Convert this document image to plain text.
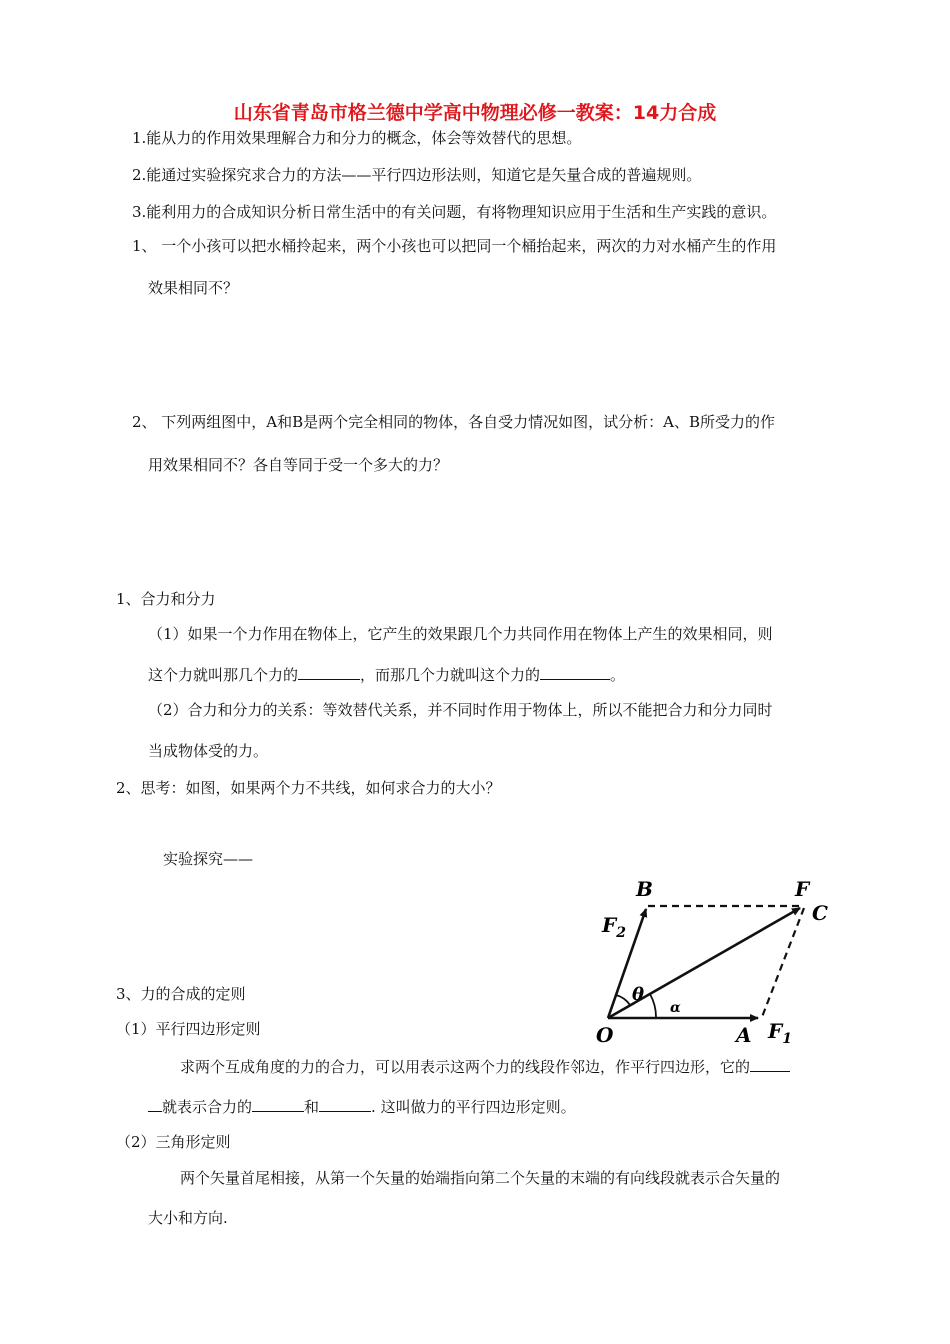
山东省青岛市格兰德中学高中物理必修一教案：14力合成
1.能从力的作用效果理解合力和分力的概念，体会等效替代的思想。
2.能通过实验探究求合力的方法——平行四边形法则，知道它是矢量合成的普遍规则。
3.能利用力的合成知识分析日常生活中的有关问题，有将物理知识应用于生活和生产实践的意识。
1、 一个小孩可以把水桶拎起来，两个小孩也可以把同一个桶抬起来，两次的力对水桶产生的作用
效果相同不？
2、 下列两组图中，A和B是两个完全相同的物体，各自受力情况如图，试分析：A、B所受力的作
用效果相同不？各自等同于受一个多大的力？
1、合力和分力
（1）如果一个力作用在物体上，它产生的效果跟几个力共同作用在物体上产生的效果相同，则
这个力就叫那几个力的	，而那几个力就叫这个力的	。
（2）合力和分力的关系：等效替代关系，并不同时作用于物体上，所以不能把合力和分力同时
当成物体受的力。
2、思考：如图，如果两个力不共线，如何求合力的大小？
实验探究——
3、力的合成的定则
（1）平行四边形定则
求两个互成角度的力的合力，可以用表示这两个力的线段作邻边，作平行四边形，它的
就表示合力的	和	. 这叫做力的平行四边形定则。
（2）三角形定则
两个矢量首尾相接，从第一个矢量的始端指向第二个矢量的末端的有向线段就表示合矢量的
大小和方向.
B	F
C
$F_2$
θ
α
O	A $F_1$
